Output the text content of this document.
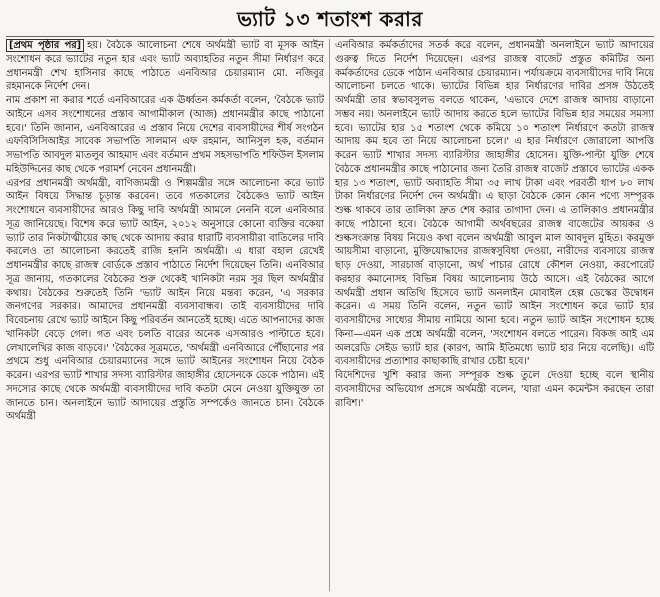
ভ্যাট ১৩ শতাংশ করার

[প্রথম পৃষ্ঠার পর] হয়। বৈঠকে আলোচনা শেষে অর্থমন্ত্রী ভ্যাট বা মূসক আইন সংশোধন করে ভ্যাটের নতুন হার এবং ভ্যাট অব্যাহতির নতুন সীমা নির্ধারণ করে প্রধানমন্ত্রী শেখ হাসিনার কাছে পাঠাতে এনবিআর চেয়ারম্যান মো. নজিবুর রহমানকে নির্দেশ দেন।

নাম প্রকাশ না করার শর্তে এনবিআরের এক ঊর্ধ্বতন কর্মকর্তা বলেন, 'বৈঠকে ভ্যাট আইনে এসব সংশোধনের প্রস্তাব আগামীকাল (আজ) প্রধানমন্ত্রীর কাছে পাঠানো হবে।' তিনি জানান, এনবিআরের এ প্রস্তাব নিয়ে দেশের ব্যবসায়ীদের শীর্ষ সংগঠন এফবিসিসিআইর সাবেক সভাপতি সালমান এফ রহমান, আনিসুল হক, বর্তমান সভাপতি আবদুল মাতলুব আহমাদ এবং বর্তমান প্রথম সহসভাপতি শফিউল ইসলাম মহিউদ্দিনের কাছ থেকে পরামর্শ নেবেন প্রধানমন্ত্রী।

এরপর প্রধানমন্ত্রী অর্থমন্ত্রী, বাণিজ্যমন্ত্রী ও শিল্পমন্ত্রীর সঙ্গে আলোচনা করে ভ্যাট আইন বিষয়ে সিদ্ধান্ত চূড়ান্ত করবেন। তবে গতকালের বৈঠকেও ভ্যাট আইন সংশোধনে ব্যবসায়ীদের আরও কিছু দাবি অর্থমন্ত্রী আমলে নেননি বলে এনবিআর সূত্র জানিয়েছে। বিশেষ করে ভ্যাট আইন, ২০১২ অনুসারে কোনো ব্যক্তির বকেয়া ভ্যাট তার নিকটাত্মীয়ের কাছ থেকে আদায় করার ধারাটি ব্যবসায়ীরা বাতিলের দাবি করলেও তা আলোচনা করতেই রাজি হননি অর্থমন্ত্রী। এ ধারা বহাল রেখেই প্রধানমন্ত্রীর কাছে রাজস্ব বোর্ডকে প্রস্তাব পাঠাতে নির্দেশ দিয়েছেন তিনি। এনবিআর সূত্র জানায়, গতকালের বৈঠকের শুরু থেকেই খানিকটা নরম সুর ছিল অর্থমন্ত্রীর কথায়। বৈঠকের শুরুতেই তিনি 'ভ্যাট আইন নিয়ে মন্তব্য করেন, 'এ সরকার জনগণের সরকার। আমাদের প্রধানমন্ত্রী ব্যবসাবান্ধব। তাই ব্যবসায়ীদের দাবি বিবেচনায় রেখে ভ্যাট আইনে কিছু পরিবর্তন আনতেই হচ্ছে। এতে আপনাদের কাজ খানিকটা বেড়ে গেল। গত এবং চলতি বারের অনেক এসআরও পাল্টাতে হবে। লেখালেখির কাজ বাড়বে।' 'বৈঠকের সূত্রমতে, 'অর্থমন্ত্রী এনবিআরে পৌঁছানোর পর প্রথমে শুধু এনবিআর চেয়ারম্যানের সঙ্গে ভ্যাট আইনের সংশোধন নিয়ে বৈঠক করেন। এরপর ভ্যাট শাখার সদস্য ব্যারিস্টার জাহাঙ্গীর হোসেনকে ডেকে পাঠান। এই সদস্যের কাছে থেকে অর্থমন্ত্রী ব্যবসায়ীদের দাবি কতটা মেনে নেওয়া যুক্তিযুক্ত তা জানতে চান। অনলাইনে ভ্যাট আদায়ের প্রস্তুতি সম্পর্কেও জানতে চান। বৈঠকে অর্থমন্ত্রী

এনবিআর কর্মকর্তাদের সতর্ক করে বলেন, প্রধানমন্ত্রী অনলাইনে ভ্যাট আদায়ের গুরুত্ব দিতে নির্দেশ দিয়েছেন। এরপর রাজস্ব বাজেট প্রস্তুত কমিটির অন্য কর্মকর্তাদের ডেকে পাঠান এনবিআর চেয়ারম্যান। পর্যায়ক্রমে ব্যবসায়ীদের দাবি নিয়ে আলোচনা চলতে থাকে। ভ্যাটের বিভিন্ন হার নির্ধারণের দাবির প্রসঙ্গ উঠতেই অর্থমন্ত্রী তার স্বভাবসুলভ বলতে থাকেন, 'এভাবে দেশে রাজস্ব আদায় বাড়ানো সম্ভব নয়। অনলাইনে ভ্যাট আদায় করতে হলে ভ্যাটের বিভিন্ন হার সময়ের সমস্যা হবে। ভ্যাটের হার ১৫ শতাংশ থেকে কমিয়ে ১০ শতাংশ নির্ধারণে কতটা রাজস্ব আদায় কম হবে তা নিয়ে আলোচনা চলে।' এ হার নির্ধারণে জোরালো আপত্তি করেন ভ্যাট শাখার সদস্য ব্যারিস্টার জাহাঙ্গীর হোসেন। যুক্তি-পাল্টা যুক্তি শেষে বৈঠকে প্রধানমন্ত্রীর কাছে পাঠানোর জন্য তৈরি রাজস্ব বাজেট প্রস্তাবে ভ্যাটের একক হার ১৩ শতাংশ, ভ্যাট অব্যাহতি সীমা ৩৫ লাখ টাকা এবং পরবর্তী ধাপ ৮০ লাখ টাকা নির্ধারণের নির্দেশ দেন অর্থমন্ত্রী। এ ছাড়া বৈঠকে কোন কোন পণ্যে সম্পূরক শুল্ক থাকবে তার তালিকা দ্রুত শেষ করার তাগাদা দেন। এ তালিকাও প্রধানমন্ত্রীর কাছে পাঠানো হবে। বৈঠকে আগামী অর্থবছরের রাজস্ব বাজেটের আয়কর ও শুল্কসংক্রান্ত বিষয় নিয়েও কথা বলেন অর্থমন্ত্রী আবুল মাল আবদুল মুহিত। করমুক্ত আয়সীমা বাড়ানো, মুক্তিযোদ্ধাদের রাজস্বসুবিধা দেওয়া, নারীদের ব্যবসায়ে রাজস্ব ছাড় দেওয়া, সারচার্জ বাড়ানো, অর্থ পাচার রোধে কৌশল নেওয়া, করপোরেট করহার কমানোসহ বিভিন্ন বিষয় আলোচনায় উঠে আসে। এই বৈঠকের আগে অর্থমন্ত্রী প্রধান অতিথি হিসেবে ভ্যাট অনলাইন মোবাইল হেল্প ডেস্কের উদ্বোধন করেন। এ সময় তিনি বলেন, নতুন ভ্যাট আইন সংশোধন করে ভ্যাট হার ব্যবসায়ীদের সাধ্যের সীমায় নামিয়ে আনা হবে। নতুন ভ্যাট আইন সংশোধন হচ্ছে কিনা—এমন এক প্রশ্নে অর্থমন্ত্রী বলেন, 'সংশোধন বলতে পারেন। বিকজ আই এম অলরেডি সেইড ভ্যাট হার (কারণ, আমি ইতিমধ্যে ভ্যাট হার নিয়ে বলেছি)। এটি ব্যবসায়ীদের প্রত্যাশার কাছাকাছি রাখার চেষ্টা হবে।'

বিদেশিদের খুশি করার জন্য সম্পূরক শুল্ক তুলে দেওয়া হচ্ছে বলে স্থানীয় ব্যবসায়ীদের অভিযোগ প্রসঙ্গে অর্থমন্ত্রী বলেন, 'যারা এমন কমেন্টস করছেন তারা রাবিশ।'
